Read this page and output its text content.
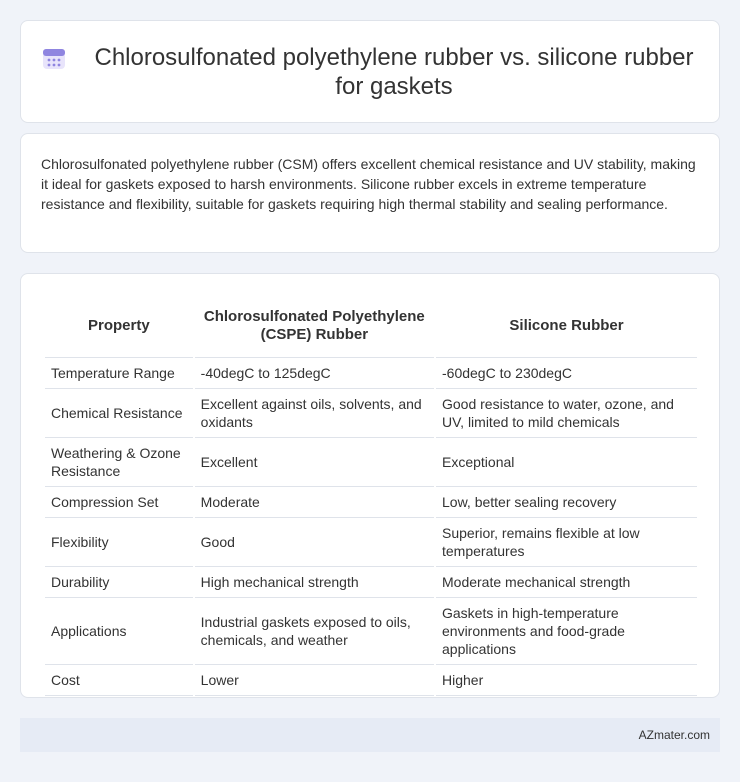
Chlorosulfonated polyethylene rubber vs. silicone rubber for gaskets

Chlorosulfonated polyethylene rubber (CSM) offers excellent chemical resistance and UV stability, making it ideal for gaskets exposed to harsh environments. Silicone rubber excels in extreme temperature resistance and flexibility, suitable for gaskets requiring high thermal stability and sealing performance.

Property	Chlorosulfonated Polyethylene (CSPE) Rubber	Silicone Rubber
Temperature Range	-40degC to 125degC	-60degC to 230degC
Chemical Resistance	Excellent against oils, solvents, and oxidants	Good resistance to water, ozone, and UV, limited to mild chemicals
Weathering & Ozone Resistance	Excellent	Exceptional
Compression Set	Moderate	Low, better sealing recovery
Flexibility	Good	Superior, remains flexible at low temperatures
Durability	High mechanical strength	Moderate mechanical strength
Applications	Industrial gaskets exposed to oils, chemicals, and weather	Gaskets in high-temperature environments and food-grade applications
Cost	Lower	Higher
AZmater.com
